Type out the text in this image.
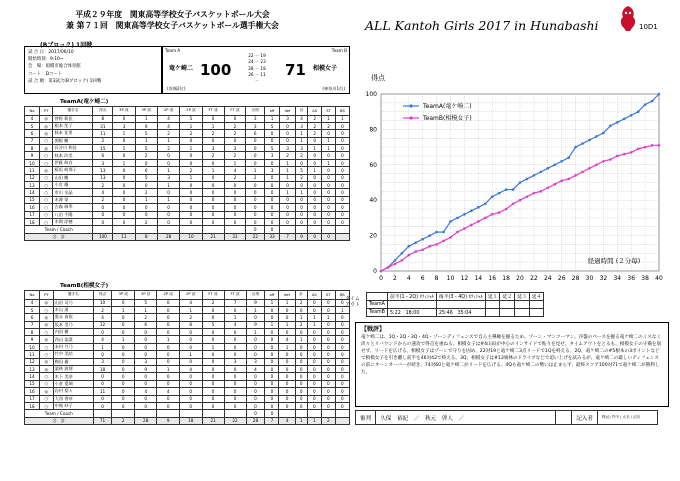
平成２９年度　関東高等学校女子バスケットボール大会
兼 第７１回　関東高等学校女子バスケットボール選手権大会	ALL Kantoh Girls 2017 in Hunabashi	10D1
(Bブロック) 1回戦
試 合 日：2017/06/10
開始時刻：9:10~
会　場：船橋市総合体育館
コート：Dコート
試 合 順：第3試合(Bブロック) 1回戦
Team A	Team B
竜ケ崎二 100
22 － 19
24 － 23
28 － 18
26 － 11
－
71 相模女子
(茨城2位)	(神奈川1位)
TeamA(竜ケ崎二)
No	PT	選手名	得点	3P 成	3P 試	2P 成	2P 試	FT 成	FT 試	反則	off	def	計	AS	ST	BS
4	◎	菅野 莉佳	8	0	1	4	5	0	0	3	1	3	4	2	1	1
5	◎	根本 笙子	31	3	9	4	1	1	2	3	5	0	3	2	2	0
6	◎	秋本 花里	11	1	5	2	2	2	2	6	0	0	1	2	0	0
7	○	関根 楓	2	0	1	1	0	0	0	0	0	0	1	0	1	0
8	◎	長谷川 和佳	15	1	5	2	1	3	3	0	5	3	3	1	1	0
9	○	秋本 玲美	6	0	2	0	0	2	2	0	3	2	2	0	0	0
10	○	伊藤 萌音	3	1	0	0	0	0	1	0	0	1	0	0	1	0
11	◎	板垣 萌那子	13	0	6	1	2	1	4	1	3	1	5	1	0	0
12	○	山田 楓	13	0	5	3	1	0	2	2	0	1	2	0	0	0
13	○	小宮 優	2	0	0	1	0	0	0	0	0	0	0	0	0	0
14	○	市川 水晶	4	0	2	0	0	0	0	0	0	1	1	0	0	0
15	○	木澤 栞	2	0	1	1	0	0	0	0	0	0	0	0	0	0
16	○	古森 瑞季	0	0	0	0	0	0	0	0	0	0	0	0	0	0
17	○	八田 千陽	0	0	0	0	0	0	0	0	0	0	0	0	0	0
18	○	木間 涼穂	0	0	2	0	0	0	0	0	0	0	0	0	0	0
Team / Coach										0	0					
合　計			100	11	8	28	10	21	31	22	33	7	9	0	0	
TeamB(相模女子)
No	PT	選手名	得点	3P 成	3P 試	2P 成	2P 試	FT 成	FT 試	反則	off	def	計	AS	ST	BS
4	◎	山田 司乃	10	0	5	0	4	2	7	9	1	1	2	0	0	0
5	○	木山 渚	2	1	1	0	1	0	0	1	0	0	0	0	0	1
6	◎	奥永 真依	4	0	2	0	2	0	1	0	0	0	1	1	1	0
7	◎	坂本 美乃	12	0	6	0	8	5	4	9	1	1	2	1	0	0
8	○	内田 樹	0	0	0	0	0	0	0	1	0	0	0	0	0	0
9	◎	西山 姿菜	4	1	0	1	0	0	0	0	0	4	1	0	0	0
10	○	末村 月乃	1	0	0	0	0	1	0	0	0	1	0	0	0	0
11	○	竹中 美結	0	0	0	0	1	0	0	0	0	0	0	0	0	0
12	◎	梅田 麗	3	0	3	0	0	0	3	3	0	0	0	0	0	0
13	◎	栗林 波那	18	0	9	1	4	0	0	4	0	0	0	0	0	0
14	○	木下 美奈	0	0	0	0	0	0	0	0	0	0	0	0	0	0
15	○	小倉 愛瑚	0	0	0	0	0	0	0	0	0	0	0	0	0	0
16	◎	岩村 梨々	11	0	4	4	0	0	0	0	0	0	0	0	0	0
17	○	大西 香奈	0	0	0	0	0	0	0	0	0	0	0	0	0	0
18	○	中堀 紗子	0	0	0	0	0	0	0	0	0	0	0	0	0	0
Team / Coach										0	0					
合　計			71	2	28	9	18	21	22	28	7	4	1	1	2	
0 2 4 6 8 10 12 14 16 18 20 22 24 26 28 30 32 34 36 38 40
0
20
40
60
80
100
得点
経過時間 (２分毎)
TeamA(竜ケ崎二)
TeamB(相模女子)
タイム
アウト
	前半(1・2Q) ｵﾌｨｼｬﾙ	後半(3・4Q) ｵﾌｨｼｬﾙ	延１	延２	延３	延４
TeamA						
TeamB	5:22　 18:00	25:46　 35:04				
【戦評】
竜ケ崎二は、1Q・2Q・3Q・4Q・ゾーンディフェンスで自ら主導権を握るため、ゾーン・マンツーマン。序盤のペースを握る竜ケ崎二のミスなく淡々とリバウンドからの速攻で得点を重ねる。相模女子は#4山田が中心のインサイドで粘りを見せ、タイムアウトをとるも、相模女子の守備を崩せず、リードを広げる。相模女子はゾーンで守りを固め、22対19と竜ケ崎二3点リードで1Qを終える。2Q、竜ケ崎二の#5根本の3ポイントなどで相模女子を引き離し前半を46対42で終える。3Q、相模女子は#13栗林のドライブなどで追い上げを試みるが、竜ケ崎二の厳しいディフェンスの前にターンオーバーが続き、74対60と竜ケ崎二がリードを広げる。4Qも竜ケ崎二の勢いは止まらず、最終スコア100対71で竜ケ崎二が勝利した。
審判	久保　裕紀　／　秋元　啓人　／		記入者	株)山 竹中 / 大木 / 沼川
